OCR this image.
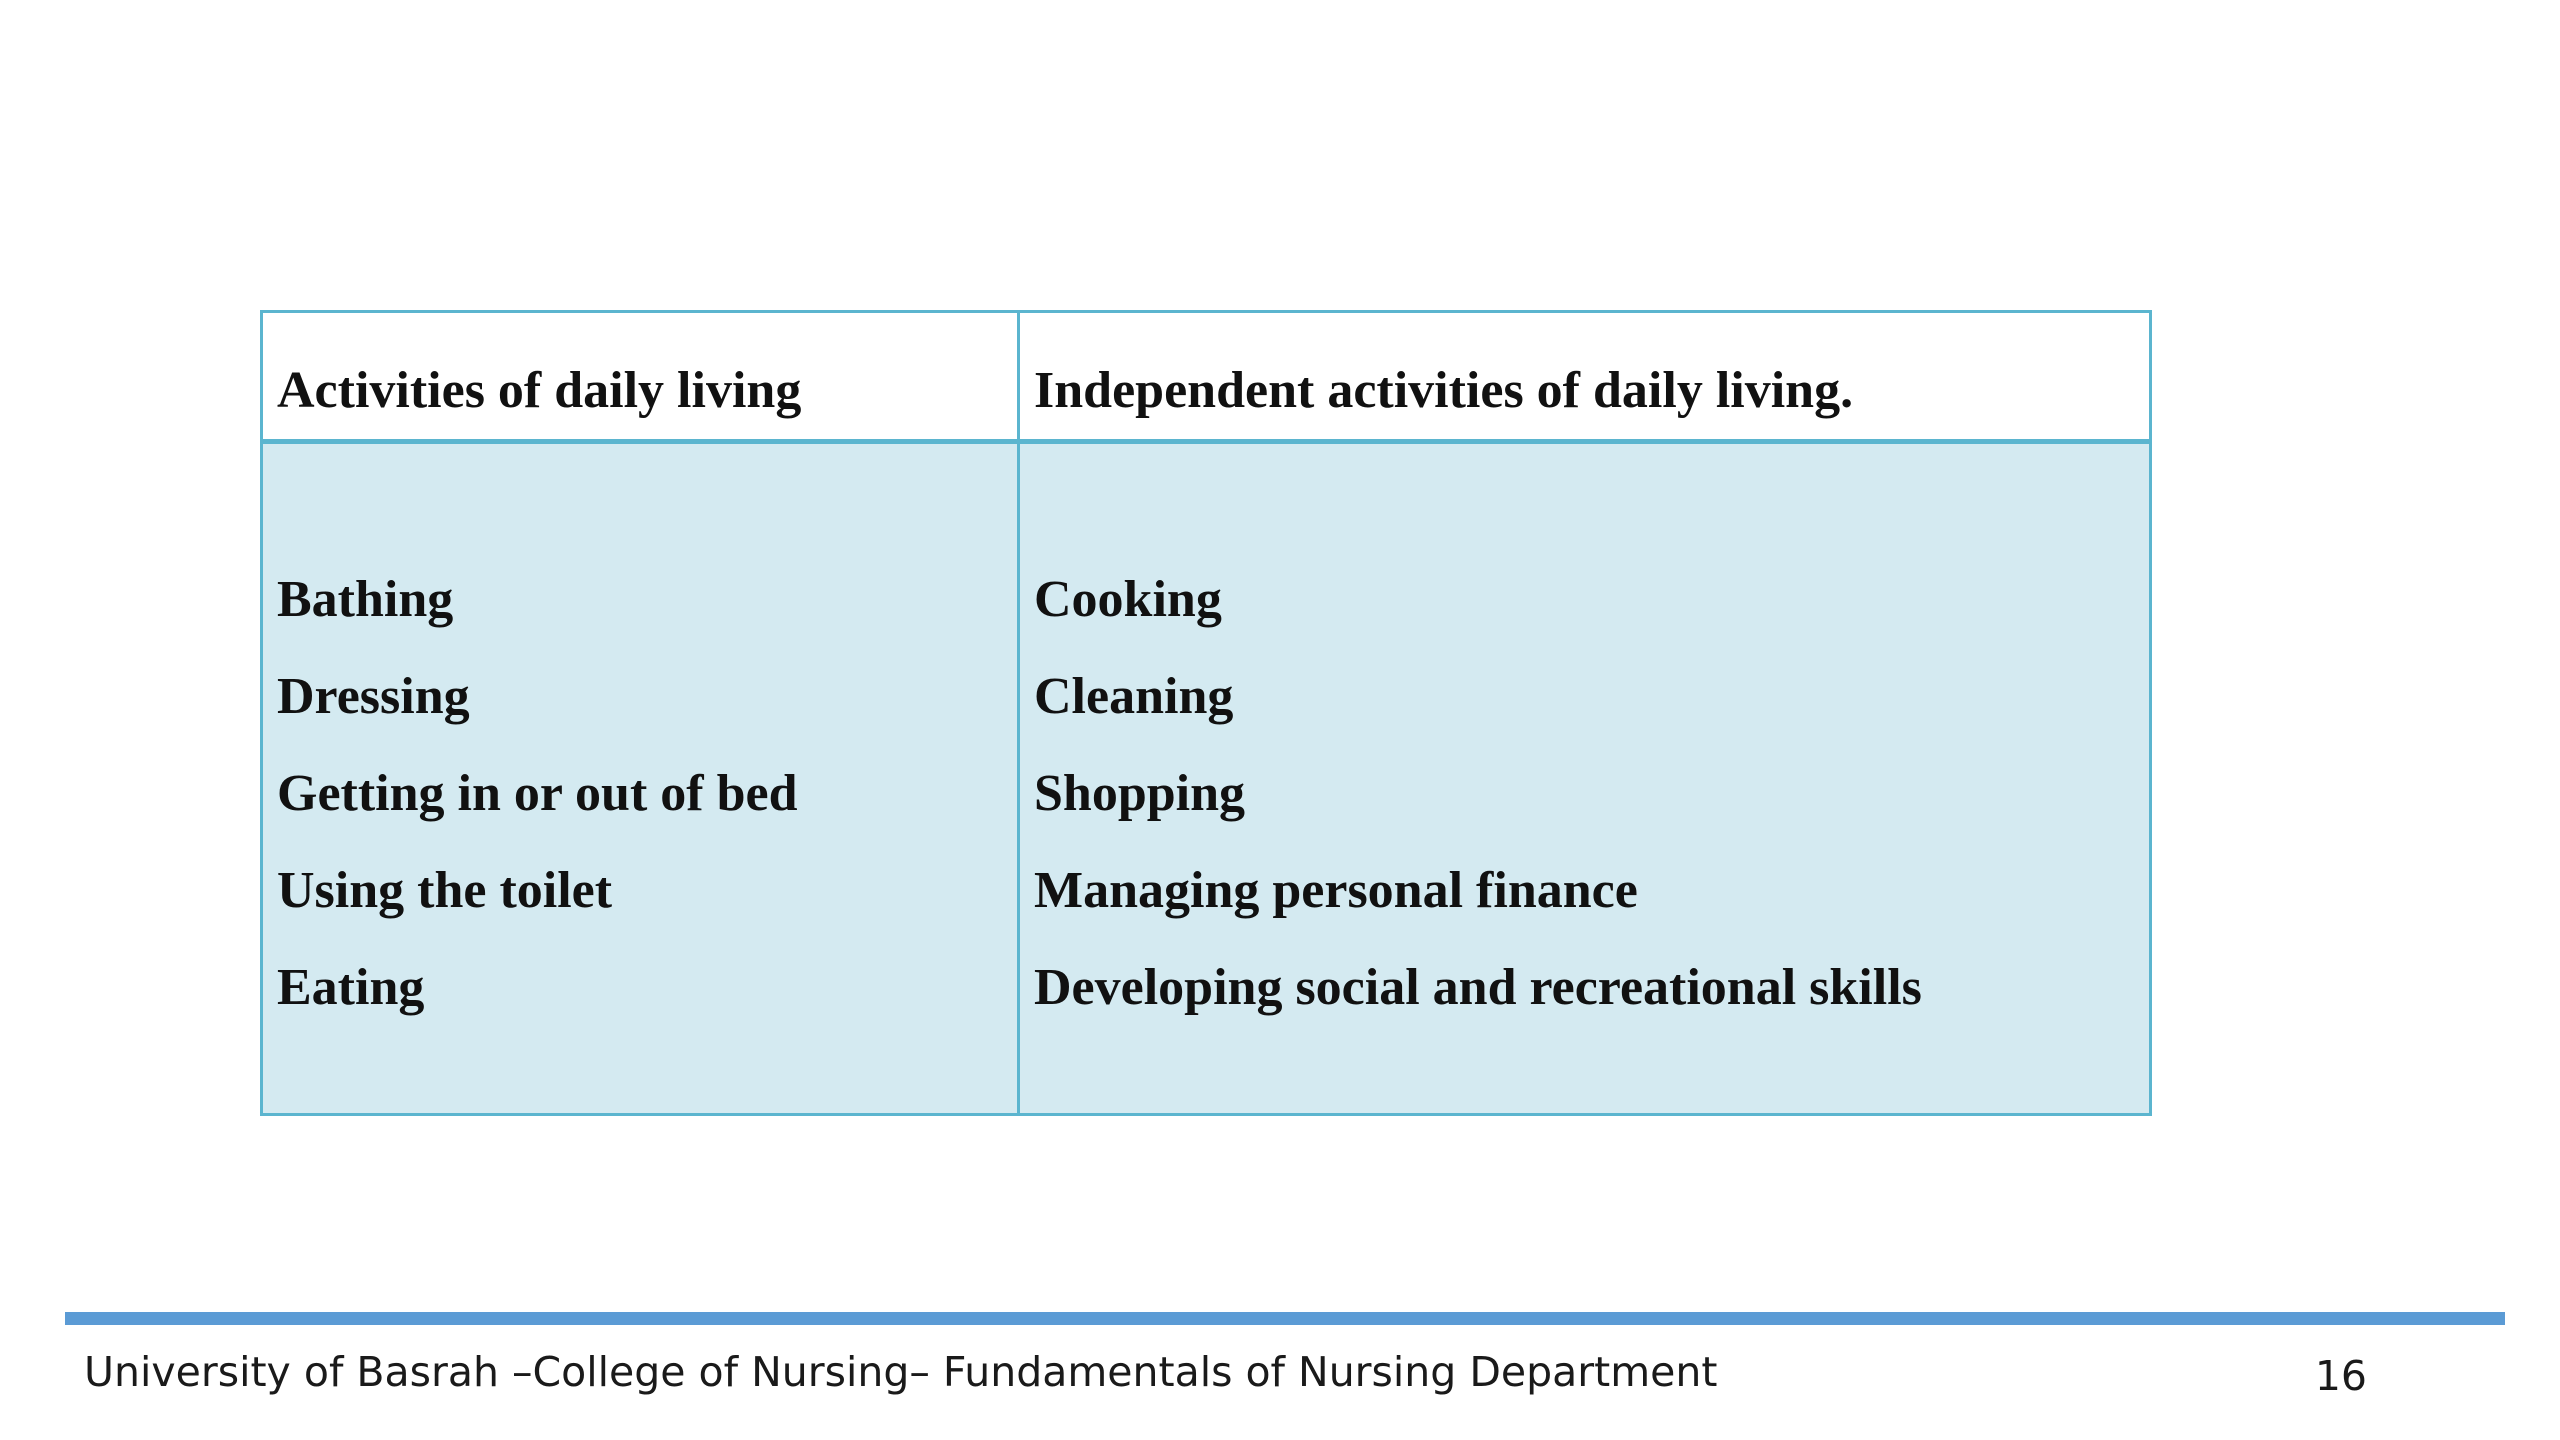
Activities of daily living	Independent activities of daily living.
Bathing
Dressing
Getting in or out of bed
Using the toilet
Eating
Cooking
Cleaning
Shopping
Managing personal finance
Developing social and recreational skills
University of Basrah –College of Nursing– Fundamentals of Nursing Department	16
